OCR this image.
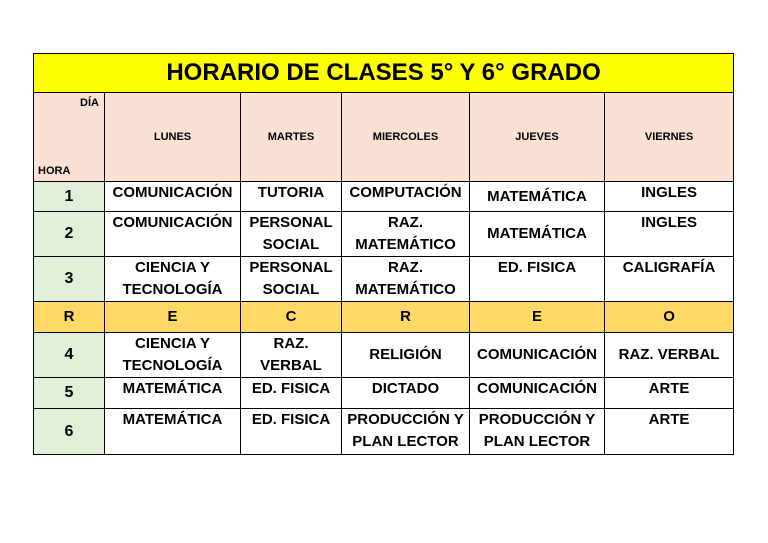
HORARIO DE CLASES 5° Y 6° GRADO					

DÍA
HORA	LUNES	MARTES	MIERCOLES	JUEVES	VIERNES
1	COMUNICACIÓN	TUTORIA	COMPUTACIÓN	MATEMÁTICA	INGLES
2	COMUNICACIÓN	PERSONAL SOCIAL	RAZ. MATEMÁTICO	MATEMÁTICA	INGLES
3	CIENCIA Y TECNOLOGÍA	PERSONAL SOCIAL	RAZ. MATEMÁTICO	ED. FISICA	CALIGRAFÍA
R	E	C	R	E	O
4	CIENCIA Y TECNOLOGÍA	RAZ. VERBAL	RELIGIÓN	COMUNICACIÓN	RAZ. VERBAL
5	MATEMÁTICA	ED. FISICA	DICTADO	COMUNICACIÓN	ARTE
6	MATEMÁTICA	ED. FISICA	PRODUCCIÓN Y PLAN LECTOR	PRODUCCIÓN Y PLAN LECTOR	ARTE
